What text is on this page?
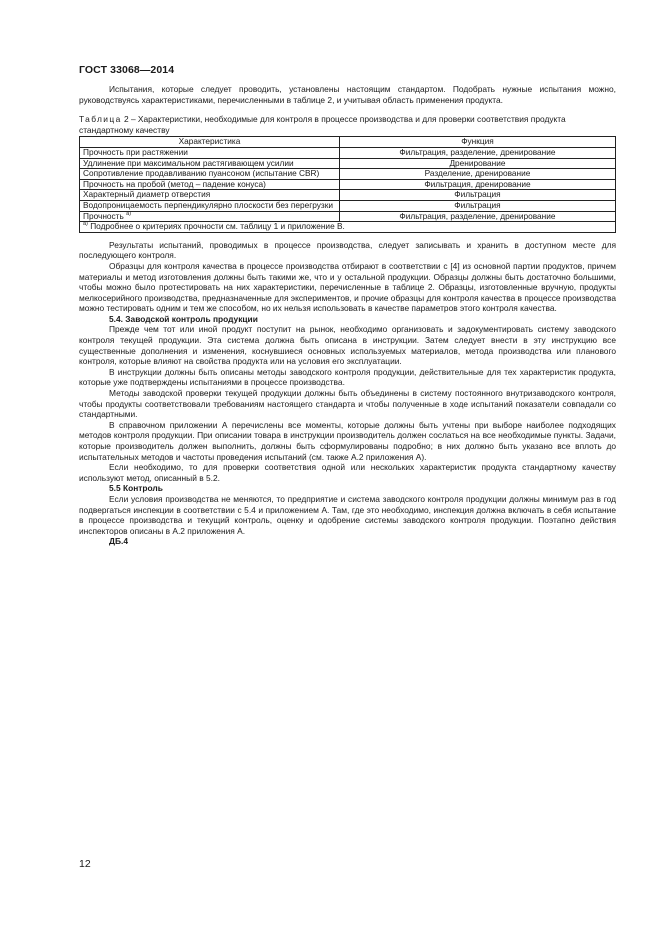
ГОСТ 33068—2014

Испытания, которые следует проводить, установлены настоящим стандартом. Подобрать нужные испытания можно, руководствуясь характеристиками, перечисленными в таблице 2, и учитывая область применения продукта.

Таблица 2 – Характеристики, необходимые для контроля в процессе производства и для проверки соответствия продукта стандартному качеству

Характеристика	Функция
Прочность при растяжении	Фильтрация, разделение, дренирование
Удлинение при максимальном растягивающем усилии	Дренирование
Сопротивление продавливанию пуансоном (испытание CBR)	Разделение, дренирование
Прочность на пробой (метод – падение конуса)	Фильтрация, дренирование
Характерный диаметр отверстия	Фильтрация
Водопроницаемость перпендикулярно плоскости без перегрузки	Фильтрация
Прочность $^{а)}$	Фильтрация, разделение, дренирование
$^{а)}$ Подробнее о критериях прочности см. таблицу 1 и приложение В.	

Результаты испытаний, проводимых в процессе производства, следует записывать и хранить в доступном месте для последующего контроля.

Образцы для контроля качества в процессе производства отбирают в соответствии с [4] из основной партии продуктов, причем материалы и метод изготовления должны быть такими же, что и у остальной продукции. Образцы должны быть достаточно большими, чтобы можно было протестировать на них характеристики, перечисленные в таблице 2. Образцы, изготовленные вручную, продукты мелкосерийного производства, предназначенные для экспериментов, и прочие образцы для контроля качества в процессе производства можно тестировать одним и тем же способом, но их нельзя использовать в качестве параметров этого контроля качества.

5.4. Заводской контроль продукции

Прежде чем тот или иной продукт поступит на рынок, необходимо организовать и задокументировать систему заводского контроля текущей продукции. Эта система должна быть описана в инструкции. Затем следует внести в эту инструкцию все существенные дополнения и изменения, коснувшиеся основных используемых материалов, метода производства или планового контроля, которые влияют на свойства продукта или на условия его эксплуатации.

В инструкции должны быть описаны методы заводского контроля продукции, действительные для тех характеристик продукта, которые уже подтверждены испытаниями в процессе производства.

Методы заводской проверки текущей продукции должны быть объединены в систему постоянного внутризаводского контроля, чтобы продукты соответствовали требованиям настоящего стандарта и чтобы полученные в ходе испытаний показатели совпадали со стандартными.

В справочном приложении А перечислены все моменты, которые должны быть учтены при выборе наиболее подходящих методов контроля продукции. При описании товара в инструкции производитель должен сослаться на все необходимые пункты. Задачи, которые производитель должен выполнить, должны быть сформулированы подробно; в них должно быть указано все вплоть до испытательных методов и частоты проведения испытаний (см. также А.2 приложения А).

Если необходимо, то для проверки соответствия одной или нескольких характеристик продукта стандартному качеству используют метод, описанный в 5.2.

5.5 Контроль

Если условия производства не меняются, то предприятие и система заводского контроля продукции должны минимум раз в год подвергаться инспекции в соответствии с 5.4 и приложением А. Там, где это необходимо, инспекция должна включать в себя испытание в процессе производства и текущий контроль, оценку и одобрение системы заводского контроля продукции. Поэтапно действия инспекторов описаны в А.2 приложения А.

ДБ.4

12
